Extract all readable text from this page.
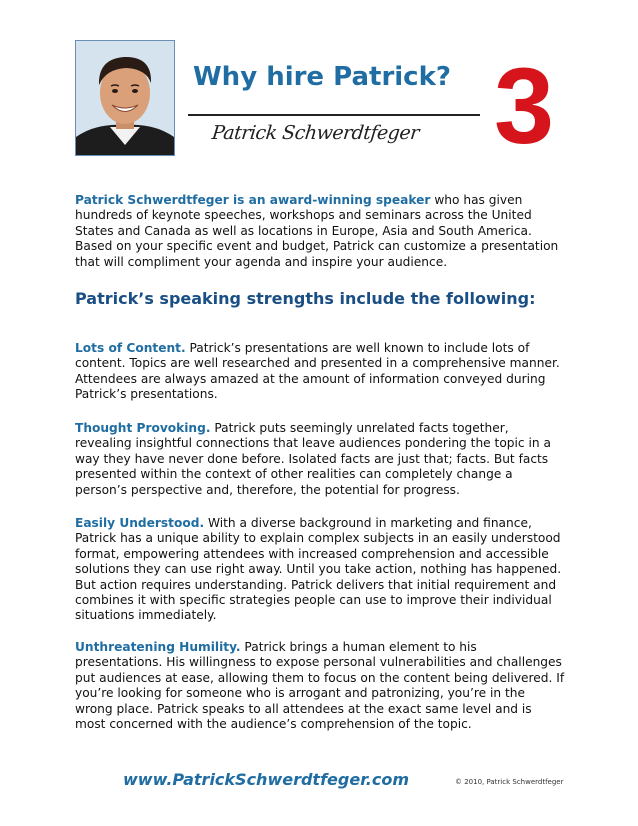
Why hire Patrick?
Patrick Schwerdtfeger 3

Patrick Schwerdtfeger is an award-winning speaker who has given hundreds of keynote speeches, workshops and seminars across the United States and Canada as well as locations in Europe, Asia and South America. Based on your specific event and budget, Patrick can customize a presentation that will compliment your agenda and inspire your audience.

Patrick’s speaking strengths include the following:

Lots of Content. Patrick’s presentations are well known to include lots of content. Topics are well researched and presented in a comprehensive manner. Attendees are always amazed at the amount of information conveyed during Patrick’s presentations.

Thought Provoking. Patrick puts seemingly unrelated facts together, revealing insightful connections that leave audiences pondering the topic in a way they have never done before. Isolated facts are just that; facts. But facts presented within the context of other realities can completely change a person’s perspective and, therefore, the potential for progress.

Easily Understood. With a diverse background in marketing and finance, Patrick has a unique ability to explain complex subjects in an easily understood format, empowering attendees with increased comprehension and accessible solutions they can use right away. Until you take action, nothing has happened. But action requires understanding. Patrick delivers that initial requirement and combines it with specific strategies people can use to improve their individual situations immediately.

Unthreatening Humility. Patrick brings a human element to his presentations. His willingness to expose personal vulnerabilities and challenges put audiences at ease, allowing them to focus on the content being delivered. If you’re looking for someone who is arrogant and patronizing, you’re in the wrong place. Patrick speaks to all attendees at the exact same level and is most concerned with the audience’s comprehension of the topic.

www.PatrickSchwerdtfeger.com	© 2010, Patrick Schwerdtfeger
